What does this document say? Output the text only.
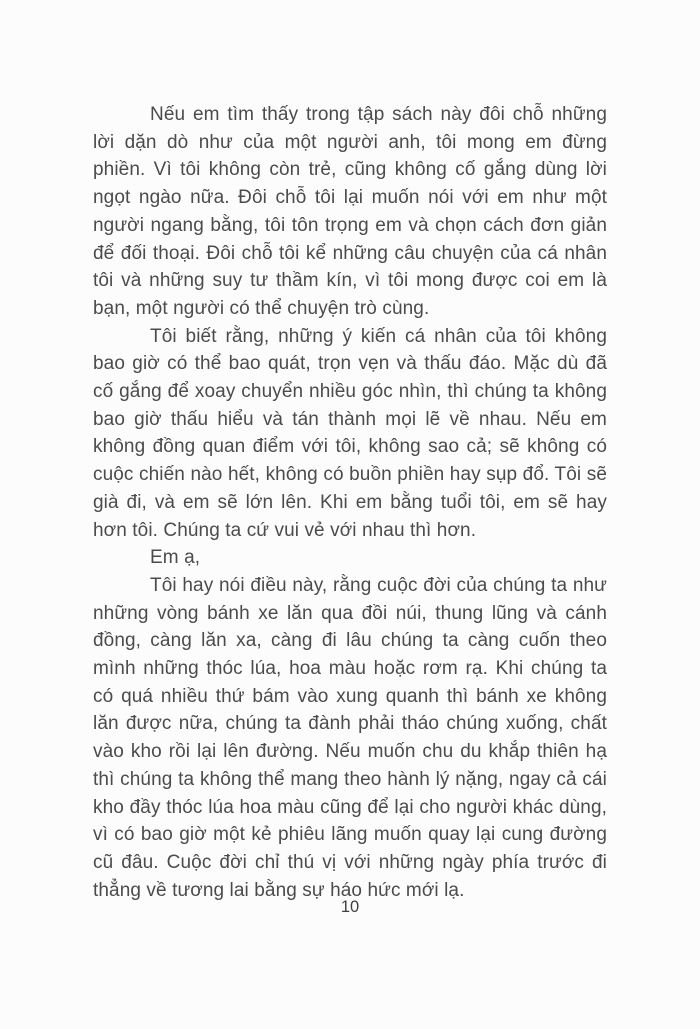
Nếu em tìm thấy trong tập sách này đôi chỗ những lời dặn dò như của một người anh, tôi mong em đừng phiền. Vì tôi không còn trẻ, cũng không cố gắng dùng lời ngọt ngào nữa. Đôi chỗ tôi lại muốn nói với em như một người ngang bằng, tôi tôn trọng em và chọn cách đơn giản để đối thoại. Đôi chỗ tôi kể những câu chuyện của cá nhân tôi và những suy tư thầm kín, vì tôi mong được coi em là bạn, một người có thể chuyện trò cùng.

Tôi biết rằng, những ý kiến cá nhân của tôi không bao giờ có thể bao quát, trọn vẹn và thấu đáo. Mặc dù đã cố gắng để xoay chuyển nhiều góc nhìn, thì chúng ta không bao giờ thấu hiểu và tán thành mọi lẽ về nhau. Nếu em không đồng quan điểm với tôi, không sao cả; sẽ không có cuộc chiến nào hết, không có buồn phiền hay sụp đổ. Tôi sẽ già đi, và em sẽ lớn lên. Khi em bằng tuổi tôi, em sẽ hay hơn tôi. Chúng ta cứ vui vẻ với nhau thì hơn.

Em ạ,

Tôi hay nói điều này, rằng cuộc đời của chúng ta như những vòng bánh xe lăn qua đồi núi, thung lũng và cánh đồng, càng lăn xa, càng đi lâu chúng ta càng cuốn theo mình những thóc lúa, hoa màu hoặc rơm rạ. Khi chúng ta có quá nhiều thứ bám vào xung quanh thì bánh xe không lăn được nữa, chúng ta đành phải tháo chúng xuống, chất vào kho rồi lại lên đường. Nếu muốn chu du khắp thiên hạ thì chúng ta không thể mang theo hành lý nặng, ngay cả cái kho đầy thóc lúa hoa màu cũng để lại cho người khác dùng, vì có bao giờ một kẻ phiêu lãng muốn quay lại cung đường cũ đâu. Cuộc đời chỉ thú vị với những ngày phía trước đi thẳng về tương lai bằng sự háo hức mới lạ.

10
